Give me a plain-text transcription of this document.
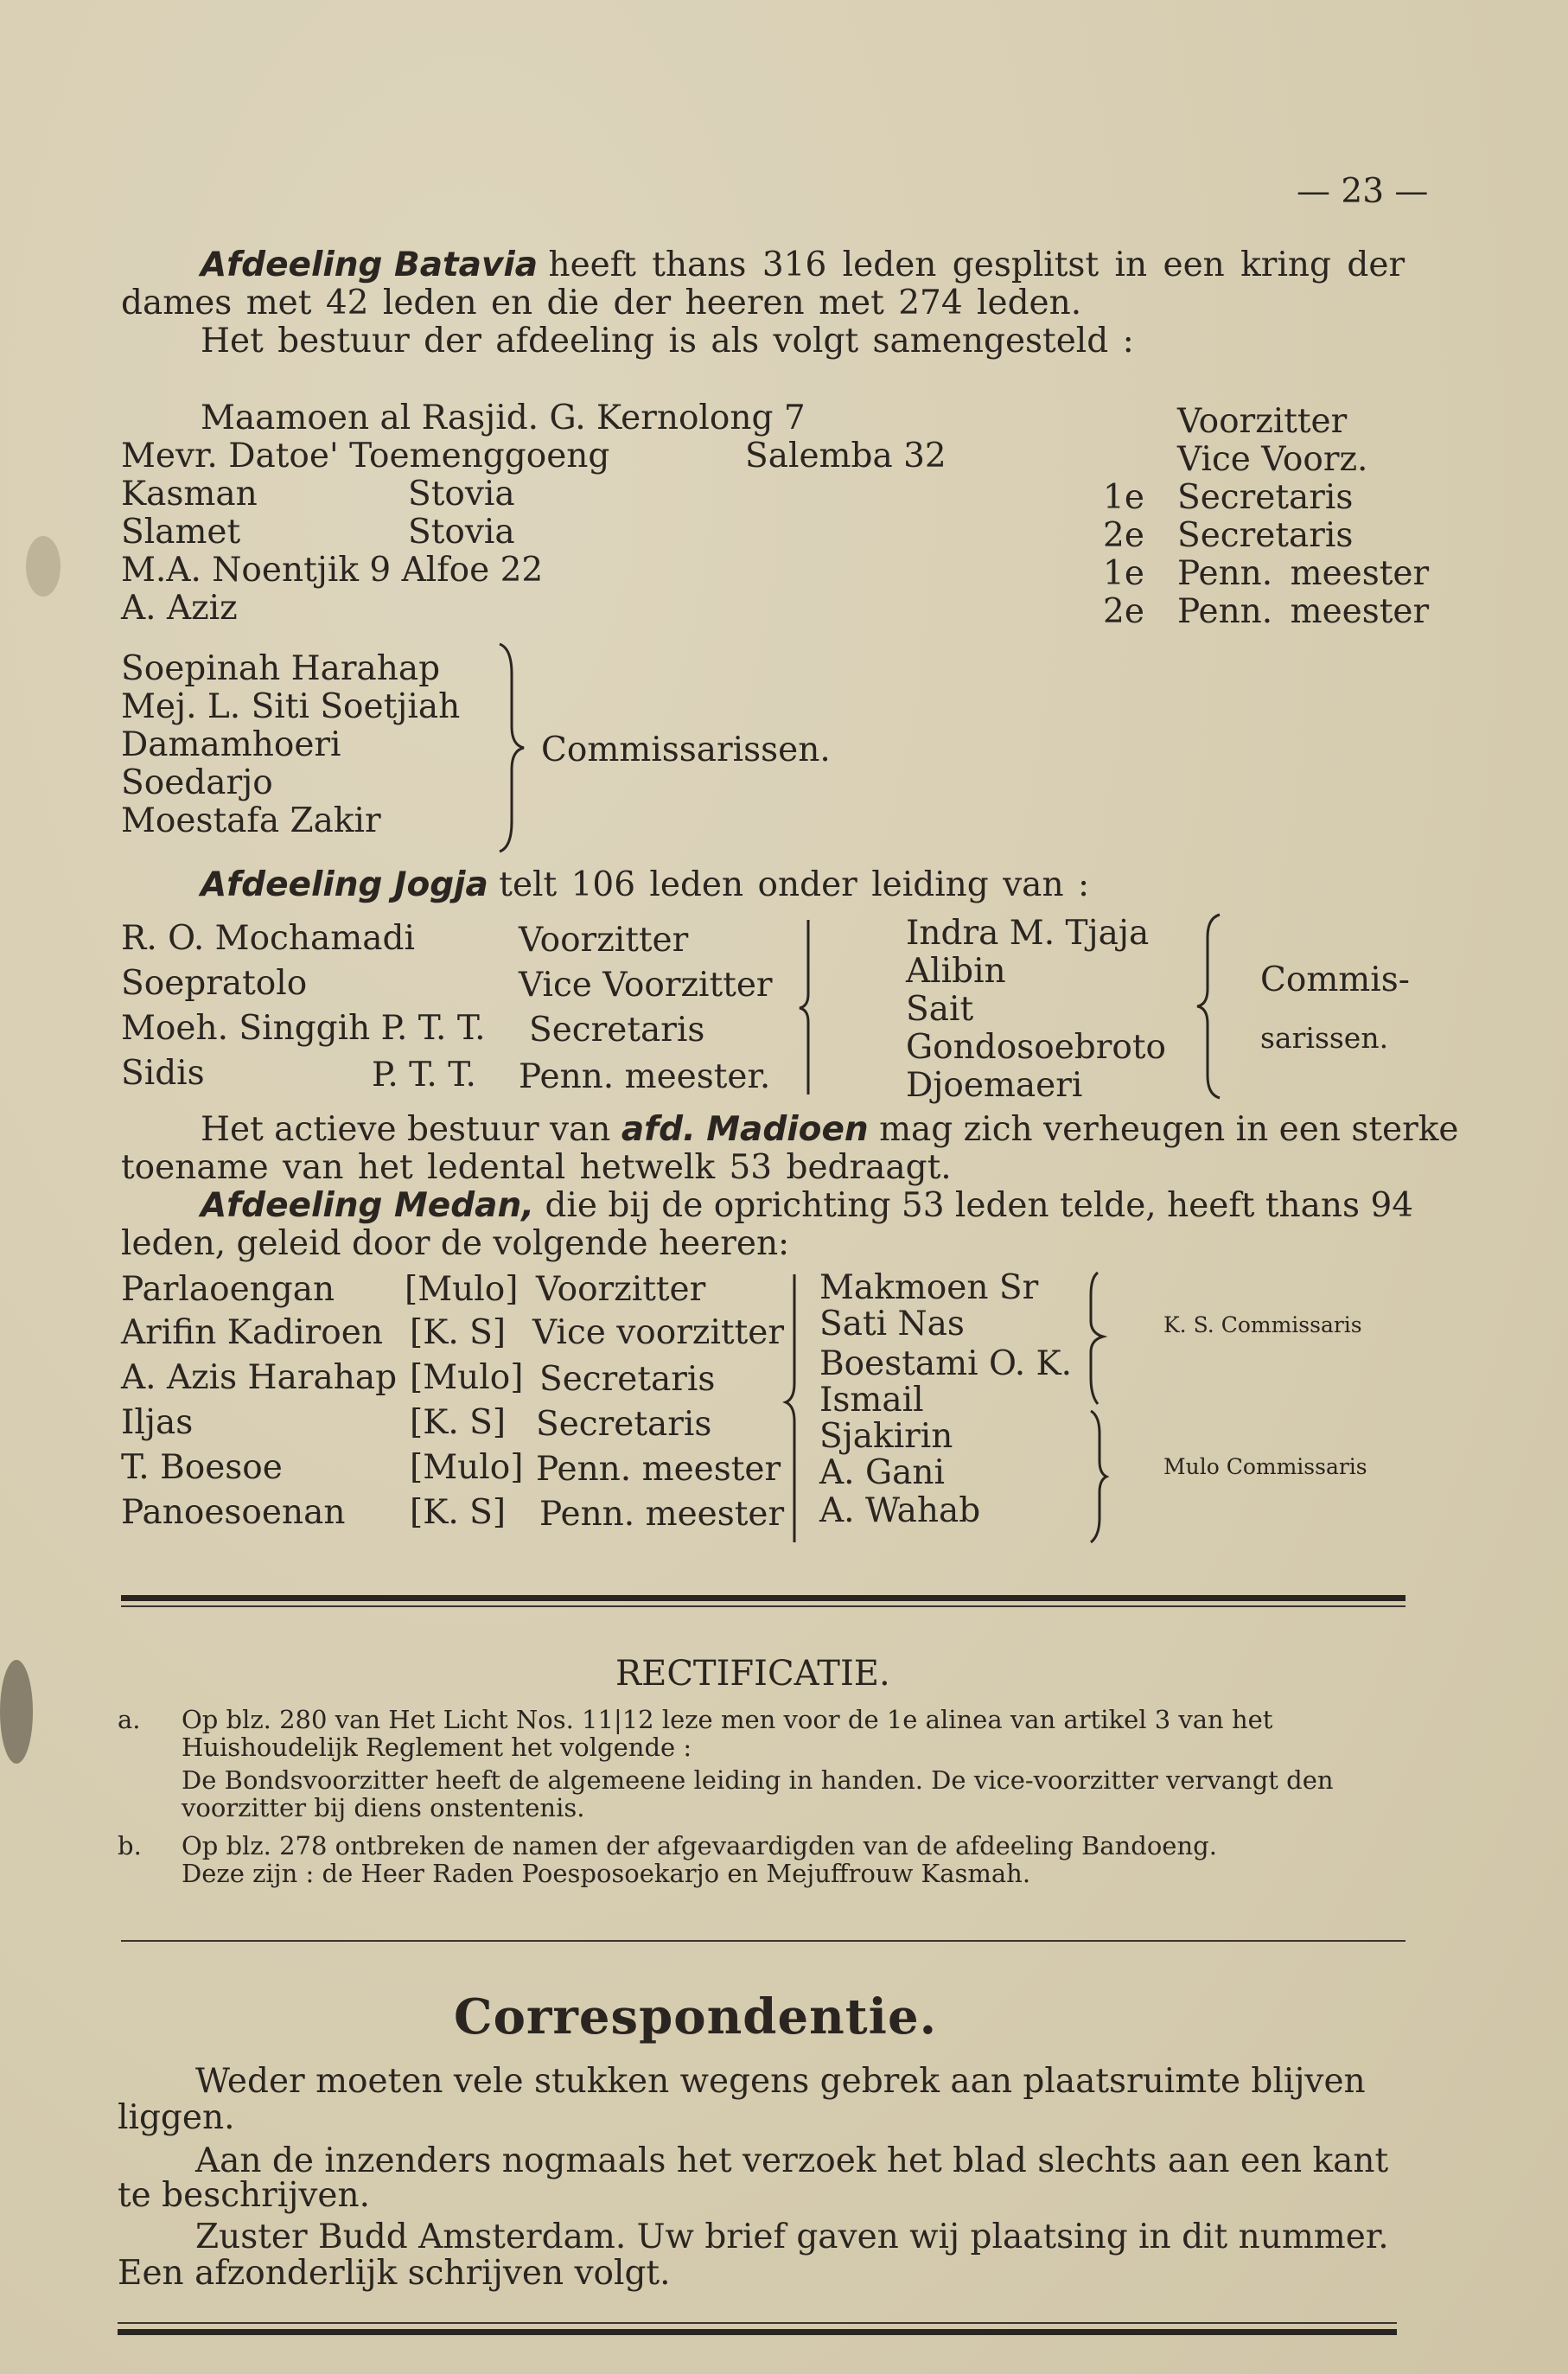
— 23 —
Afdeeling Batavia heeft thans 316 leden gesplitst in een kring der
dames met 42 leden en die der heeren met 274 leden.
Het bestuur der afdeeling is als volgt samengesteld :
Maamoen al Rasjid. G. Kernolong 7	Voorzitter
Mevr. Datoe' Toemenggoeng	Salemba 32	Vice Voorz.
Kasman	Stovia	1e Secretaris
Slamet	Stovia	2e Secretaris
M.A. Noentjik 9 Alfoe 22	1e Penn. meester
A. Aziz	2e Penn. meester
Soepinah Harahap
Mej. L. Siti Soetjiah
Damamhoeri
Soedarjo
Moestafa Zakir
Commissarissen.
Afdeeling Jogja telt 106 leden onder leiding van :
R. O. Mochamadi	Voorzitter
Soepratolo	Vice Voorzitter
Moeh. Singgih P. T. T. Secretaris
Sidis	P. T. T. Penn. meester.
Indra M. Tjaja
Alibin
Sait
Gondosoebroto
Djoemaeri
Commis-
sarissen.
Het actieve bestuur van afd. Madioen mag zich verheugen in een sterke
toename van het ledental hetwelk 53 bedraagt.
Afdeeling Medan, die bij de oprichting 53 leden telde, heeft thans 94
leden, geleid door de volgende heeren:
Parlaoengan [Mulo] Voorzitter
Arifin Kadiroen [K. S] Vice voorzitter
A. Azis Harahap [Mulo] Secretaris
Iljas	[K. S] Secretaris
T. Boesoe	[Mulo] Penn. meester
Panoesoenan [K. S] Penn. meester
Makmoen Sr
Sati Nas
Boestami O. K.
Ismail
Sjakirin
A. Gani
A. Wahab
K. S. Commissaris
Mulo Commissaris
RECTIFICATIE.
a. Op blz. 280 van Het Licht Nos. 11|12 leze men voor de 1e alinea van artikel 3 van het
Huishoudelijk Reglement het volgende :
De Bondsvoorzitter heeft de algemeene leiding in handen. De vice-voorzitter vervangt den
voorzitter bij diens onstentenis.
b. Op blz. 278 ontbreken de namen der afgevaardigden van de afdeeling Bandoeng.
Deze zijn : de Heer Raden Poesposoekarjo en Mejuffrouw Kasmah.
Correspondentie.
Weder moeten vele stukken wegens gebrek aan plaatsruimte blijven
liggen.
Aan de inzenders nogmaals het verzoek het blad slechts aan een kant
te beschrijven.
Zuster Budd Amsterdam. Uw brief gaven wij plaatsing in dit nummer.
Een afzonderlijk schrijven volgt.
